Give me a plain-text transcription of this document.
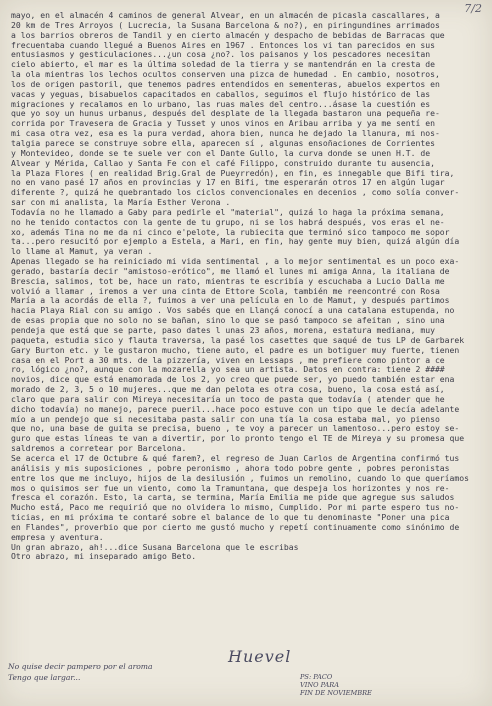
7/2
mayo, en el almacén 4 caminos de general Alvear, en un almacén de picasla cascallares, a
20 km de Tres Arroyos ( Lucrecia, la Susana Barcelona & no?), en piringundines arrimados
a los barrios obreros de Tandil y en cierto almacén y despacho de bebidas de Barracas que
frecuentaba cuando llegué a Buenos Aires en 1967 . Entonces los vi tan parecidos en sus
entusiasmos y gesticulaciones...¿un cosa ¿no?. los paisanos y los pescadores necesitan
cielo abierto, el mar es la última soledad de la tierra y se mantendrán en la cresta de
la ola mientras los lechos ocultos conserven una pizca de humedad . En cambio, nosotros,
los de origen pastoril, que tenemos padres entendidos en sementeras, abuelos expertos en
vacas y yeguas, bisabuelos capacitados en caballos, seguimos el flujo histórico de las
migraciones y recalamos en lo urbano, las ruas males del centro...ásase la cuestión es
que yo soy un hunus urbanus, después del desplate de la llegada bastaron una pequeña re-
corrida por Travesera de Gracia y Tusset y unos vinos en Aribau arriba y ya me sentí en
mi casa otra vez, esa es la pura verdad, ahora bien, nunca he dejado la llanura, mi nos-
talgia parece se construye sobre ella, aparecen sí , algunas ensoñaciones de Corrientes
y Montevideo, donde se te suele ver con el Dante Gullo, la curva donde se unen H.T. de
Alvear y Mérida, Callao y Santa Fe con el café Filippo, construido durante tu ausencia,
la Plaza Flores ( en realidad Brig.Gral de Pueyrredón), en fin, es innegable que Bifi tira,
no en vano pasé 17 años en provincias y 17 en Bifi, tme esperarán otros 17 en algún lugar
diferente ?, quizá he quebrantado los ciclos convencionales en decenios , como solía conver-
sar con mi analista, la María Esther Verona .
Todavía no he llamado a Gaby para pedirle el "material", quizá lo haga la próxima semana,
no he tenido contactos con la gente de tu grupo, ni se los habrá después, vos eras el ne-
xo, además Tina no me da ni cinco e'pelote, la rubiecita que terminó sico tampoco me sopor
ta...pero resucitó por ejemplo a Estela, a Mari, en fin, hay gente muy bien, quizá algún día
lo llame al Mamut, ya veran .
Apenas llegado se ha reiniciado mi vida sentimental , a lo mejor sentimental es un poco exa-
gerado, bastaría decir "amistoso-erótico", me llamó el lunes mi amiga Anna, la italiana de
Brescia, salimos, tot be, hace un rato, mientras te escribía y escuchaba a Lucio Dalla me
volvió a llamar , iremos a ver una cinta de Ettore Scola, también me reencontré con Rosa
María a la acordás de ella ?, fuimos a ver una película en lo de Mamut, y después partimos
hacia Playa Rial con su amigo . Vos sabés que en Llançá conocí a una catalana estupenda, no
de esas propia que no solo no se bañan, sino lo que se pasó tampoco se afeitan , sino una
pendeja que está que se parte, paso dates l unas 23 años, morena, estatura mediana, muy
paqueta, estudia sico y flauta traversa, la pasé los casettes que saqué de tus LP de Garbarek
Gary Burton etc. y le gustaron mucho, tiene auto, el padre es un botiguer muy fuerte, tienen
casa en el Port a 30 mts. de la pizzería, viven en Lessaps , me prefiere como pintor a ce
ro, lógico ¿no?, aunque con la mozarella yo sea un artista. Datos en contra: tiene 2 ####
novios, dice que está enamorada de los 2, yo creo que puede ser, yo puedo también estar ena
morado de 2, 3, 5 o 10 mujeres...que me dan pelota es otra cosa, bueno, la cosa está así,
claro que para salir con Mireya necesitaría un toco de pasta que todavía ( atender que he
dicho todavía) no manejo, parece pueril...hace poco estuve con un tipo que le decía adelante
mío a un pendejo que si necesitaba pasta salir con una tía la cosa estaba mal, yo pienso
que no, una base de guita se precisa, bueno , te voy a parecer un lamentoso...pero estoy se-
guro que estas líneas te van a divertir, por lo pronto tengo el TE de Mireya y su promesa que
saldremos a corretear por Barcelona.
Se acerca el 17 de Octubre & qué farem?, el regreso de Juan Carlos de Argentina confirmó tus
análisis y mis suposiciones , pobre peronismo , ahora todo pobre gente , pobres peronistas
entre los que me incluyo, hijos de la desilusión , fuimos un remolino, cuando lo que queríamos
mos o quisimos ser fue un viento, como la Tramuntana, que despeja los horizontes y nos re-
fresca el corazón. Esto, la carta, se termina, María Emilia me pide que agregue sus saludos
Mucho está, Paco me requirió que no olvidera lo mismo, Cumplido. Por mi parte espero tus no-
ticias, en mi próxima te contaré sobre el balance de lo que tu denominaste "Poner una pica
en Flandes", proverbio que por cierto me gustó mucho y repetí continuamente como sinónimo de
empresa y aventura.
Un gran abrazo, ah!...dice Susana Barcelona que le escribas
Otro abrazo, mi inseparado amigo Beto.
Huevel
No quise decir pampero por el aroma
Tengo que largar...	PS: PACO
VINO PARA
FIN DE NOVIEMBRE
